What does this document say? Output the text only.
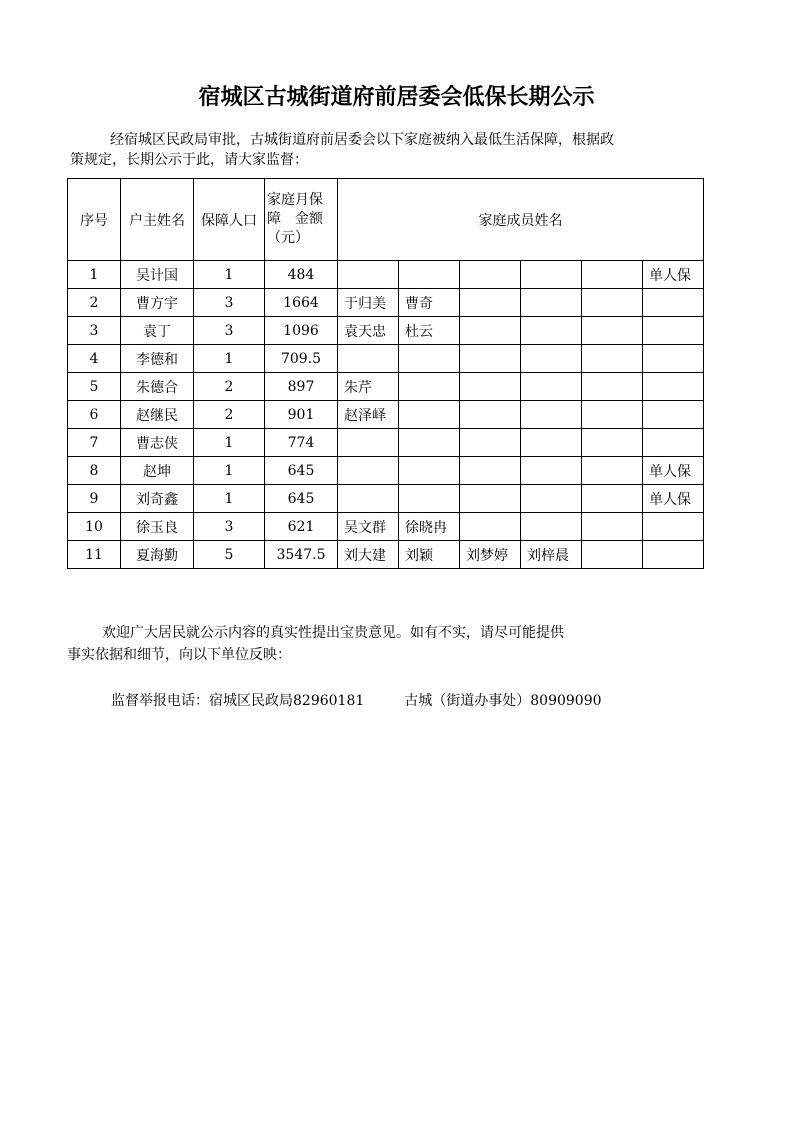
宿城区古城街道府前居委会低保长期公示
经宿城区民政局审批，古城街道府前居委会以下家庭被纳入最低生活保障，根据政
策规定，长期公示于此，请大家监督：
序号	户主姓名	保障人口	家庭月保障　金额（元）	家庭成员姓名					
1	吴计国	1	484						单人保
2	曹方宇	3	1664	于归美	曹奇				
3	袁丁	3	1096	袁天忠	杜云				
4	李德和	1	709.5						
5	朱德合	2	897	朱芹					
6	赵继民	2	901	赵泽峄					
7	曹志侠	1	774						
8	赵坤	1	645						单人保
9	刘奇鑫	1	645						单人保
10	徐玉良	3	621	吴文群	徐晓冉				
11	夏海勤	5	3547.5	刘大建	刘颖	刘梦婷	刘梓晨		
欢迎广大居民就公示内容的真实性提出宝贵意见。如有不实，请尽可能提供
事实依据和细节，向以下单位反映：
监督举报电话：宿城区民政局82960181	古城（街道办事处）80909090
